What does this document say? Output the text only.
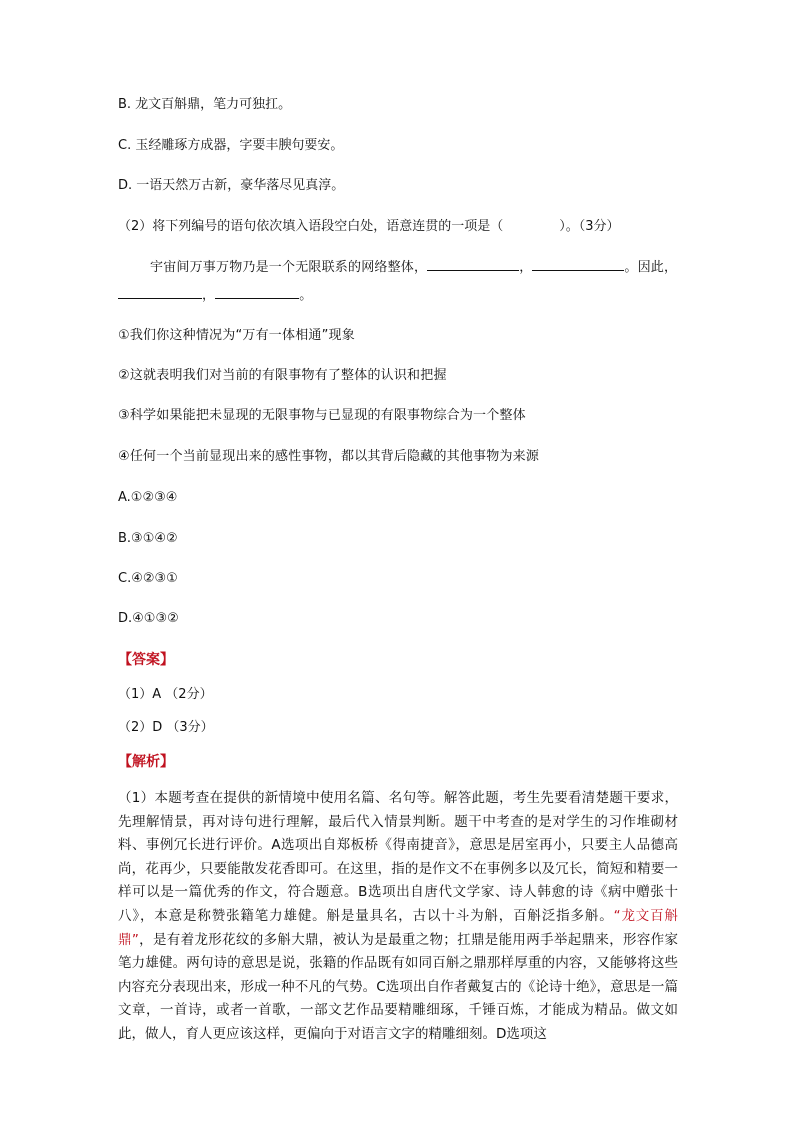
B. 龙文百斛鼎，笔力可独扛。
C. 玉经雕琢方成器，字要丰腴句要安。
D. 一语天然万古新，豪华落尽见真淳。
（2）将下列编号的语句依次填入语段空白处，语意连贯的一项是（	）。（3分）
宇宙间万事万物乃是一个无限联系的网络整体，	，	。因此，
，	。
①我们你这种情况为“万有一体相通”现象
②这就表明我们对当前的有限事物有了整体的认识和把握
③科学如果能把未显现的无限事物与已显现的有限事物综合为一个整体
④任何一个当前显现出来的感性事物，都以其背后隐藏的其他事物为来源
A.①②③④
B.③①④②
C.④②③①
D.④①③②
【答案】
（1）A （2分）
（2）D （3分）
【解析】
（1）本题考查在提供的新情境中使用名篇、名句等。解答此题，考生先要看清楚题干要求，先理解情景，再对诗句进行理解，最后代入情景判断。题干中考查的是对学生的习作堆砌材料、事例冗长进行评价。A选项出自郑板桥《得南捷音》，意思是居室再小，只要主人品德高尚，花再少，只要能散发花香即可。在这里，指的是作文不在事例多以及冗长，简短和精要一样可以是一篇优秀的作文，符合题意。B选项出自唐代文学家、诗人韩愈的诗《病中赠张十八》，本意是称赞张籍笔力雄健。斛是量具名，古以十斗为斛，百斛泛指多斛。“龙文百斛 鼎”，是有着龙形花纹的多斛大鼎，被认为是最重之物；扛鼎是能用两手举起鼎来，形容作家笔力雄健。两句诗的意思是说，张籍的作品既有如同百斛之鼎那样厚重的内容，又能够将这些内容充分表现出来，形成一种不凡的气势。C选项出自作者戴复古的《论诗十绝》，意思是一篇文章，一首诗，或者一首歌，一部文艺作品要精雕细琢，千锤百炼，才能成为精品。做文如此，做人，育人更应该这样，更偏向于对语言文字的精雕细刻。D选项这
